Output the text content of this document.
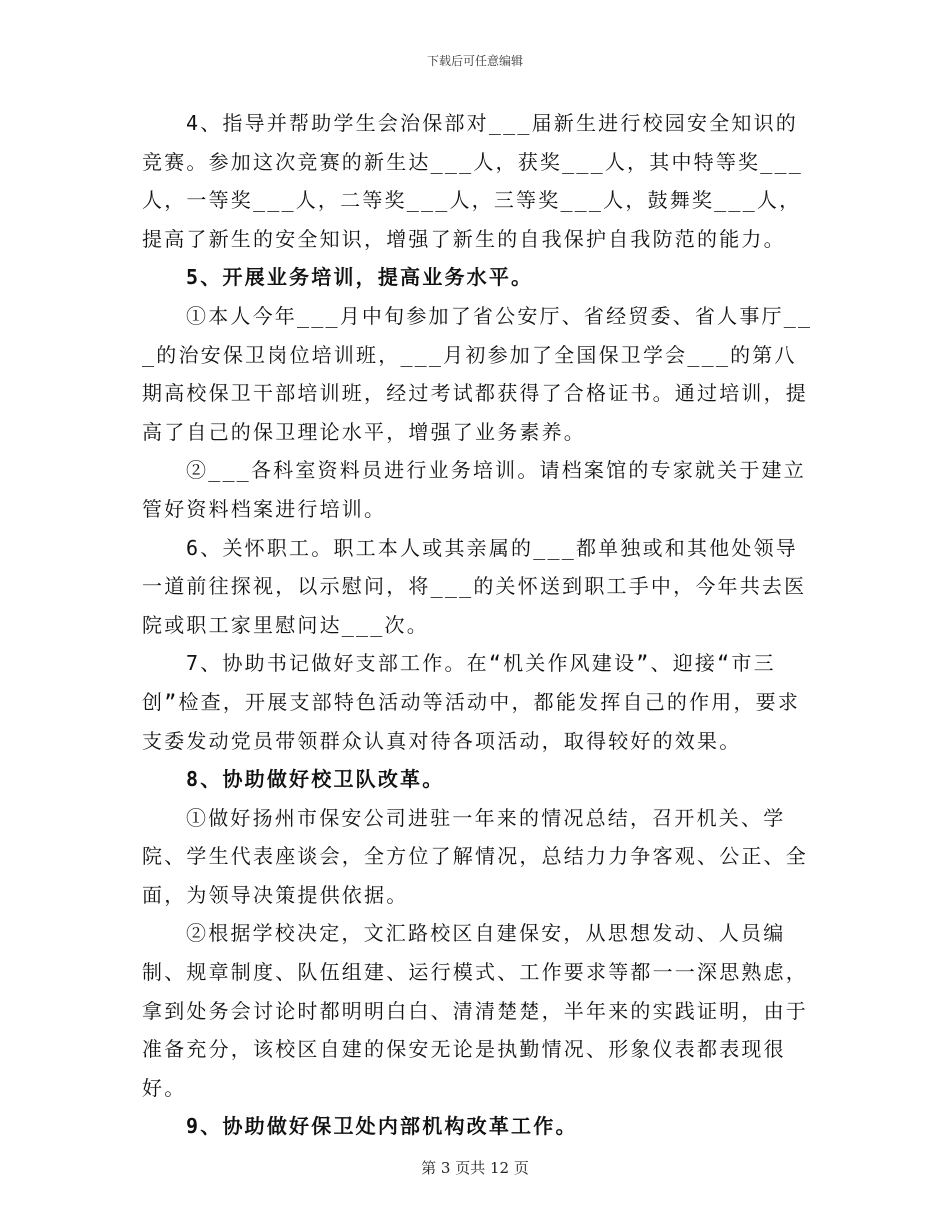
下载后可任意编辑

4、指导并帮助学生会治保部对___届新生进行校园安全知识的竞赛。参加这次竞赛的新生达___人，获奖___人，其中特等奖___人，一等奖___人，二等奖___人，三等奖___人，鼓舞奖___人，提高了新生的安全知识，增强了新生的自我保护自我防范的能力。

5、开展业务培训，提高业务水平。

①本人今年___月中旬参加了省公安厅、省经贸委、省人事厅___的治安保卫岗位培训班，___月初参加了全国保卫学会___的第八期高校保卫干部培训班，经过考试都获得了合格证书。通过培训，提高了自己的保卫理论水平，增强了业务素养。

②___各科室资料员进行业务培训。请档案馆的专家就关于建立管好资料档案进行培训。

6、关怀职工。职工本人或其亲属的___都单独或和其他处领导一道前往探视，以示慰问，将___的关怀送到职工手中，今年共去医院或职工家里慰问达___次。

7、协助书记做好支部工作。在“机关作风建设”、迎接“市三创”检查，开展支部特色活动等活动中，都能发挥自己的作用，要求支委发动党员带领群众认真对待各项活动，取得较好的效果。

8、协助做好校卫队改革。

①做好扬州市保安公司进驻一年来的情况总结，召开机关、学院、学生代表座谈会，全方位了解情况，总结力力争客观、公正、全面，为领导决策提供依据。

②根据学校决定，文汇路校区自建保安，从思想发动、人员编制、规章制度、队伍组建、运行模式、工作要求等都一一深思熟虑，拿到处务会讨论时都明明白白、清清楚楚，半年来的实践证明，由于准备充分，该校区自建的保安无论是执勤情况、形象仪表都表现很好。

9、协助做好保卫处内部机构改革工作。

第 3 页共 12 页
